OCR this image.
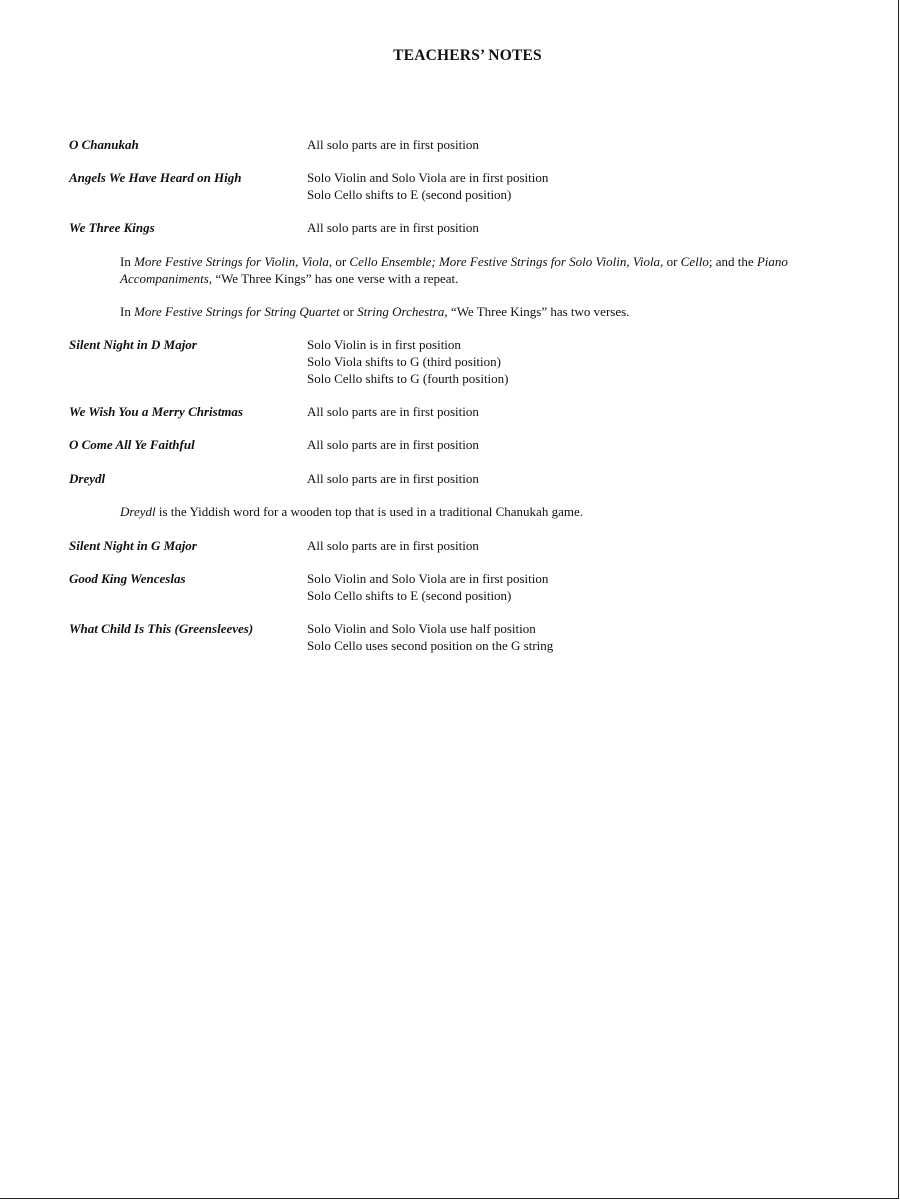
TEACHERS’ NOTES
O Chanukah	All solo parts are in first position
Angels We Have Heard on High	Solo Violin and Solo Viola are in first position
Solo Cello shifts to E (second position)
We Three Kings	All solo parts are in first position
In More Festive Strings for Violin, Viola, or Cello Ensemble; More Festive Strings for Solo Violin, Viola, or Cello; and the Piano Accompaniments, “We Three Kings” has one verse with a repeat.
In More Festive Strings for String Quartet or String Orchestra, “We Three Kings” has two verses.
Silent Night in D Major	Solo Violin is in first position
Solo Viola shifts to G (third position)
Solo Cello shifts to G (fourth position)
We Wish You a Merry Christmas	All solo parts are in first position
O Come All Ye Faithful	All solo parts are in first position
Dreydl	All solo parts are in first position
Dreydl is the Yiddish word for a wooden top that is used in a traditional Chanukah game.
Silent Night in G Major	All solo parts are in first position
Good King Wenceslas	Solo Violin and Solo Viola are in first position
Solo Cello shifts to E (second position)
What Child Is This (Greensleeves)	Solo Violin and Solo Viola use half position
Solo Cello uses second position on the G string
